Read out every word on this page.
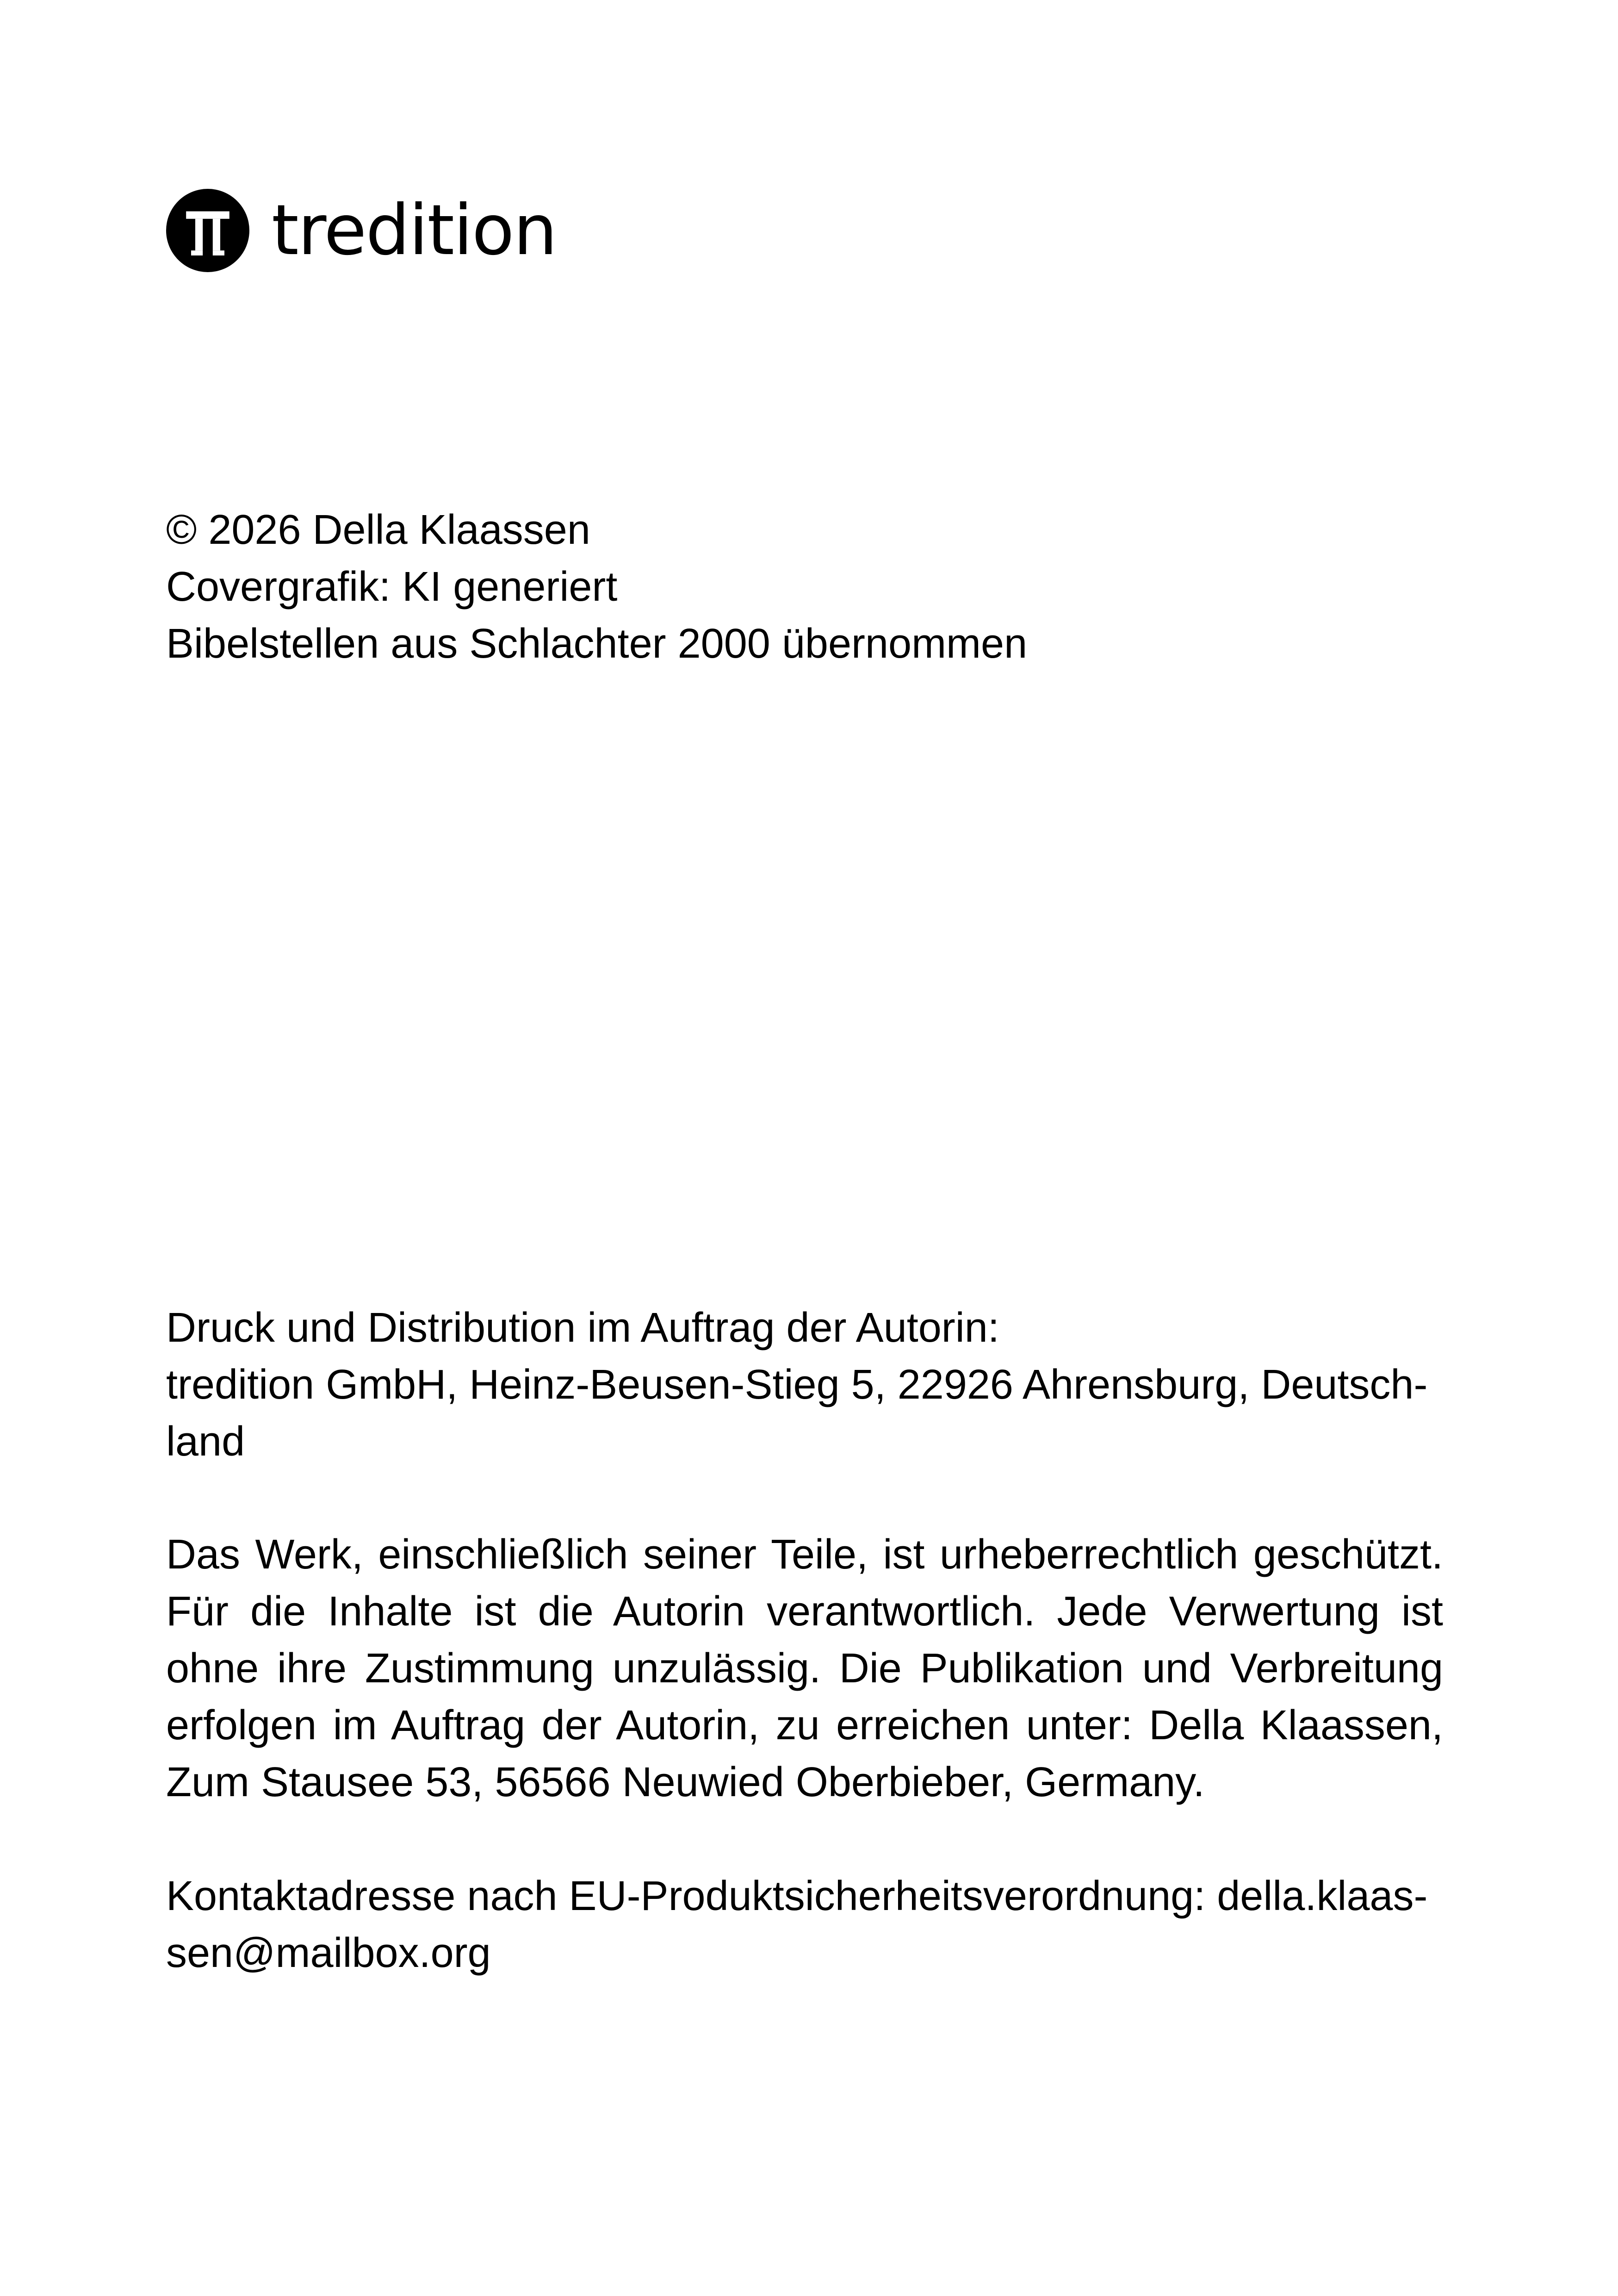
tredition

© 2026 Della Klaassen

Covergrafik: KI generiert

Bibelstellen aus Schlachter 2000 übernommen

Druck und Distribution im Auftrag der Autorin:

tredition GmbH, Heinz-Beusen-Stieg 5, 22926 Ahrensburg, Deutsch-

land

Das Werk, einschließlich seiner Teile, ist urheberrechtlich geschützt. Für die Inhalte ist die Autorin verantwortlich. Jede Verwertung ist ohne ihre Zustimmung unzulässig. Die Publikation und Verbreitung erfolgen im Auftrag der Autorin, zu erreichen unter: Della Klaassen, Zum Stausee 53, 56566 Neuwied Oberbieber, Germany.

Kontaktadresse nach EU-Produktsicherheitsverordnung: della.klaas-

sen@mailbox.org
